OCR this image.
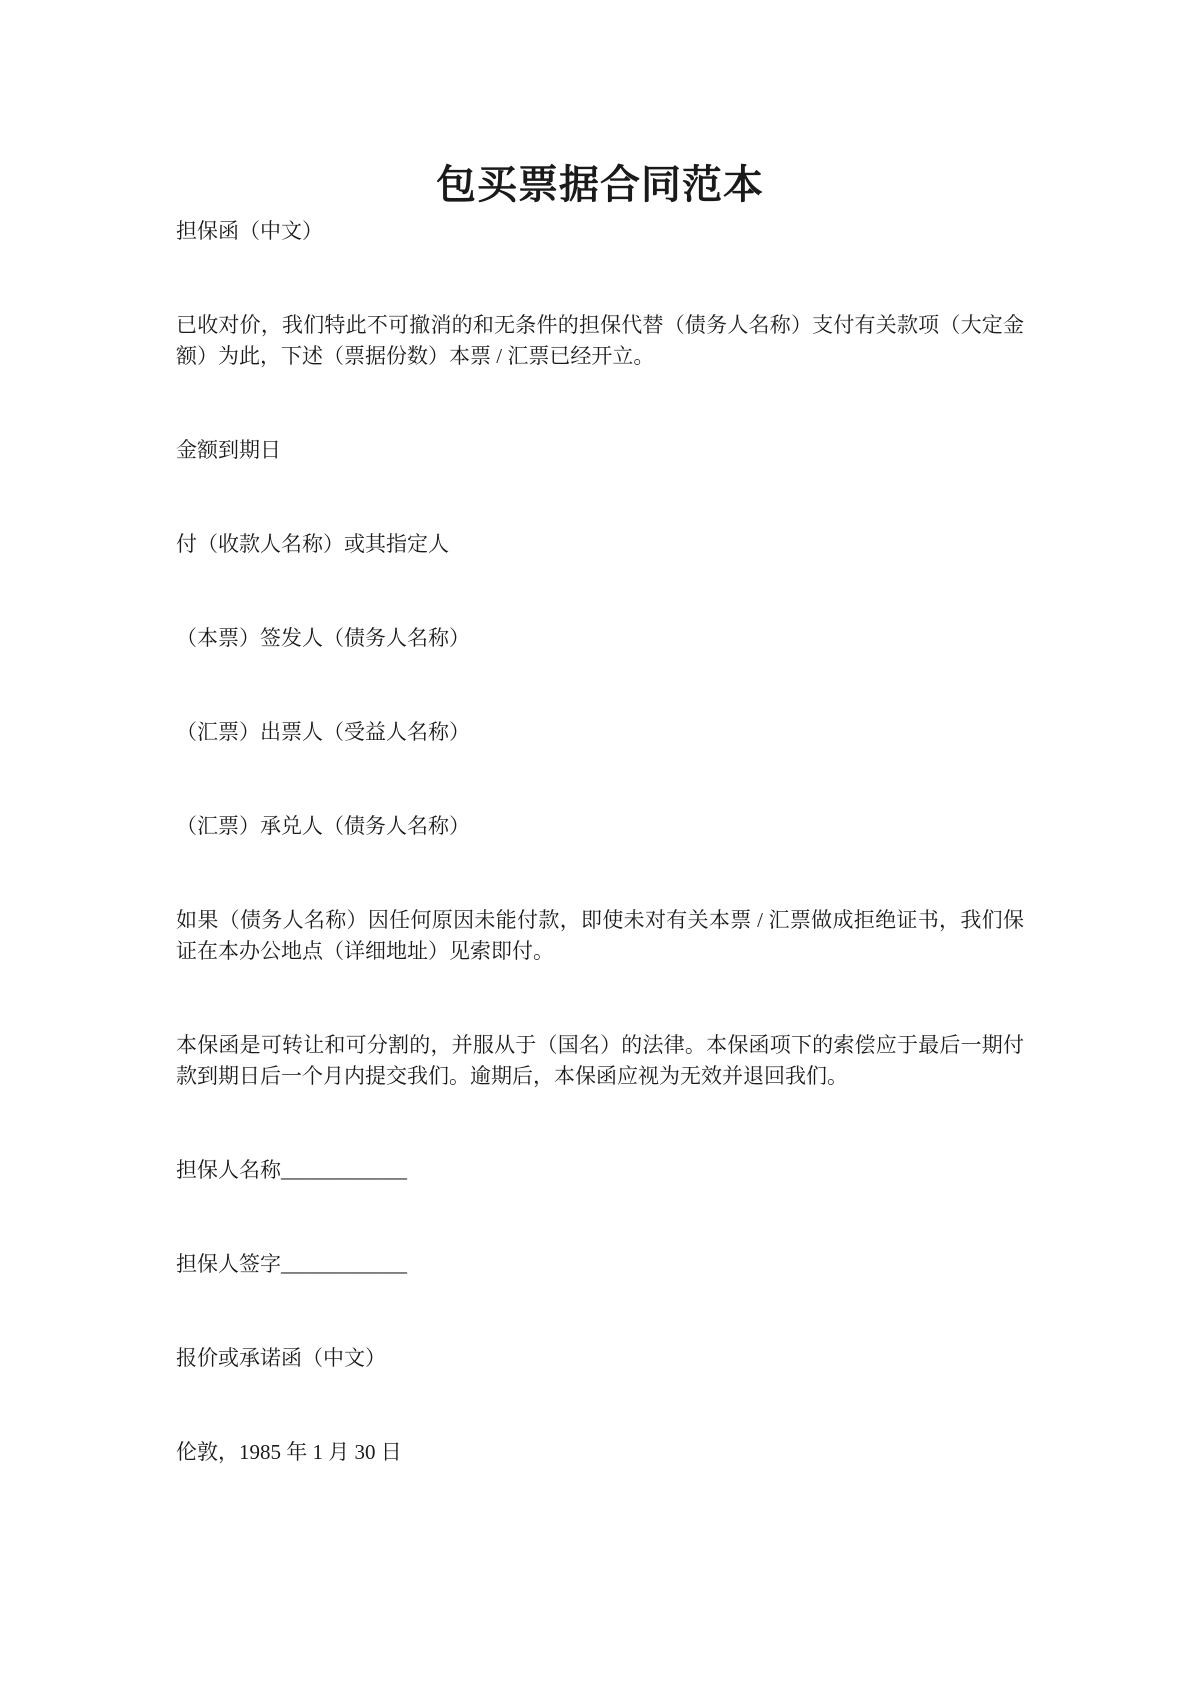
包买票据合同范本

担保函（中文）

已收对价，我们特此不可撤消的和无条件的担保代替（债务人名称）支付有关款项（大定金额）为此，下述（票据份数）本票 / 汇票已经开立。

金额到期日

付（收款人名称）或其指定人

（本票）签发人（债务人名称）

（汇票）出票人（受益人名称）

（汇票）承兑人（债务人名称）

如果（债务人名称）因任何原因未能付款，即使未对有关本票 / 汇票做成拒绝证书，我们保证在本办公地点（详细地址）见索即付。

本保函是可转让和可分割的，并服从于（国名）的法律。本保函项下的索偿应于最后一期付款到期日后一个月内提交我们。逾期后，本保函应视为无效并退回我们。

担保人名称____________

担保人签字____________

报价或承诺函（中文）

伦敦，1985 年 1 月 30 日
